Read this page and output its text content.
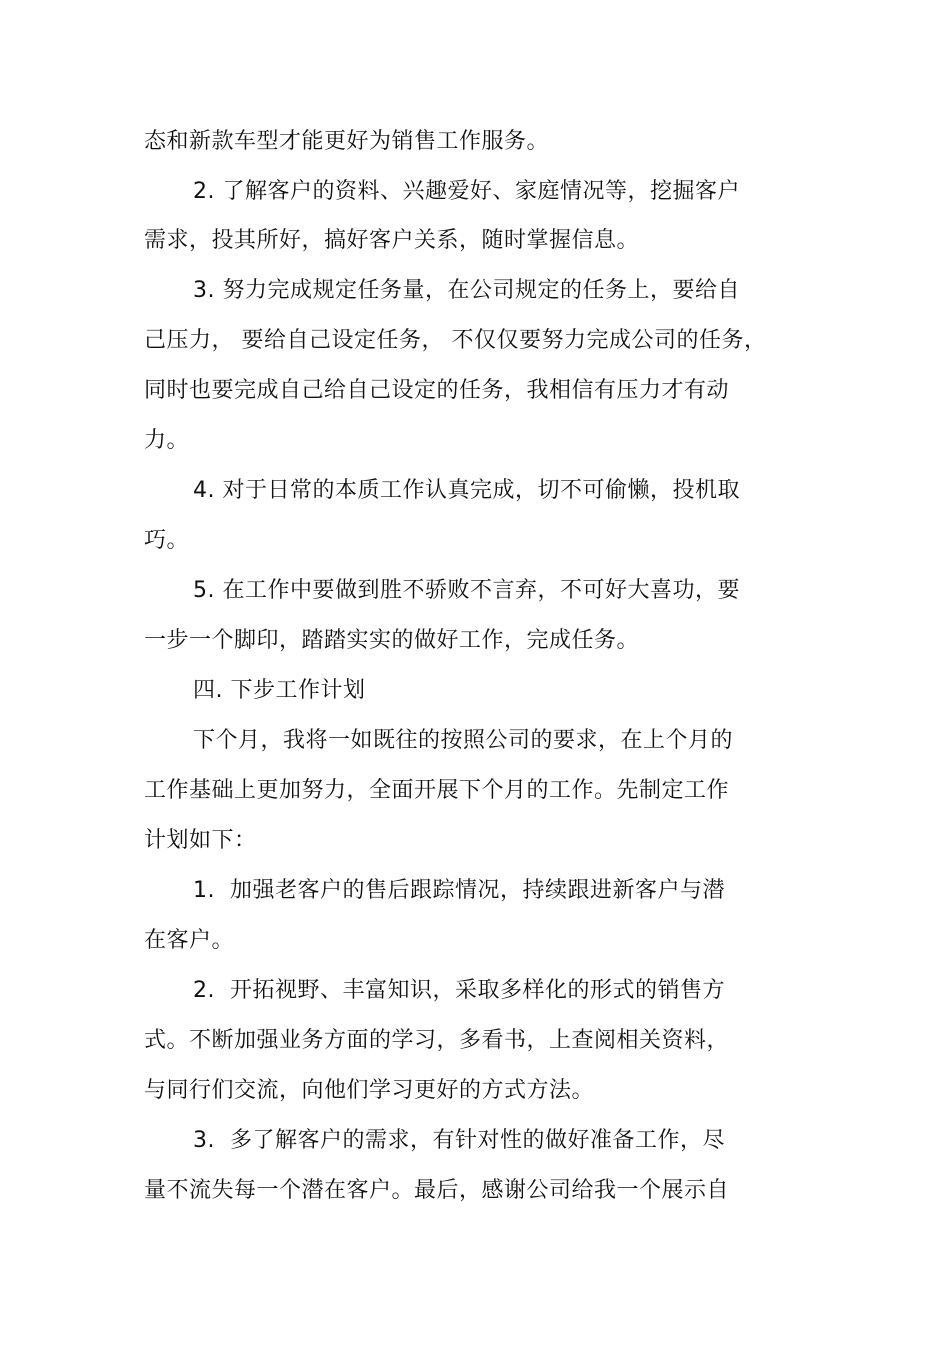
态和新款车型才能更好为销售工作服务。
2. 了解客户的资料、兴趣爱好、家庭情况等，挖掘客户
需求，投其所好，搞好客户关系，随时掌握信息。
3. 努力完成规定任务量，在公司规定的任务上，要给自
己压力， 要给自己设定任务， 不仅仅要努力完成公司的任务，
同时也要完成自己给自己设定的任务，我相信有压力才有动
力。
4. 对于日常的本质工作认真完成，切不可偷懒，投机取
巧。
5. 在工作中要做到胜不骄败不言弃，不可好大喜功，要
一步一个脚印，踏踏实实的做好工作，完成任务。
四. 下步工作计划
下个月，我将一如既往的按照公司的要求，在上个月的
工作基础上更加努力，全面开展下个月的工作。先制定工作
计划如下：
1.  加强老客户的售后跟踪情况，持续跟进新客户与潜
在客户。
2.  开拓视野、丰富知识，采取多样化的形式的销售方
式。不断加强业务方面的学习，多看书，上查阅相关资料，
与同行们交流，向他们学习更好的方式方法。
3.  多了解客户的需求，有针对性的做好准备工作，尽
量不流失每一个潜在客户。最后，感谢公司给我一个展示自
